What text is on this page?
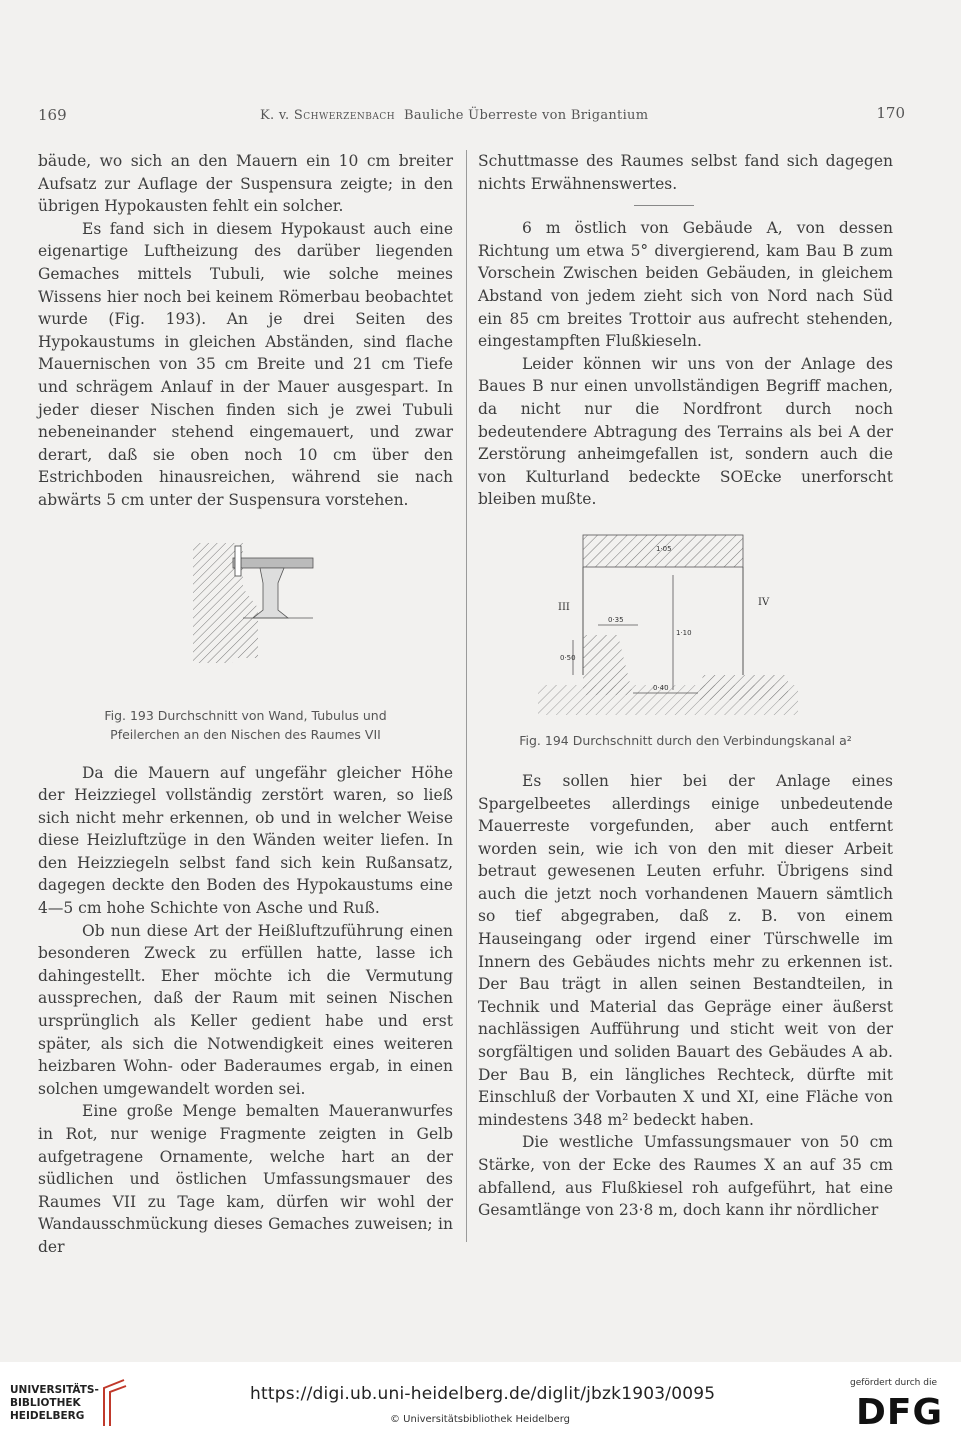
169	K. v. Schwerzenbach Bauliche Überreste von Brigantium	170

bäude, wo sich an den Mauern ein 10 cm breiter Aufsatz zur Auflage der Suspensura zeigte; in den übrigen Hypokausten fehlt ein solcher.

Es fand sich in diesem Hypokaust auch eine eigenartige Luftheizung des darüber liegenden Gemaches mittels Tubuli, wie solche meines Wissens hier noch bei keinem Römerbau beobachtet wurde (Fig. 193). An je drei Seiten des Hypokaustums in gleichen Abständen, sind flache Mauernischen von 35 cm Breite und 21 cm Tiefe und schrägem Anlauf in der Mauer ausgespart. In jeder dieser Nischen finden sich je zwei Tubuli nebeneinander stehend eingemauert, und zwar derart, daß sie oben noch 10 cm über den Estrichboden hinausreichen, während sie nach abwärts 5 cm unter der Suspensura vorstehen.

Fig. 193 Durchschnitt von Wand, Tubulus und
Pfeilerchen an den Nischen des Raumes VII

Da die Mauern auf ungefähr gleicher Höhe der Heizziegel vollständig zerstört waren, so ließ sich nicht mehr erkennen, ob und in welcher Weise diese Heizluftzüge in den Wänden weiter liefen. In den Heizziegeln selbst fand sich kein Rußansatz, dagegen deckte den Boden des Hypokaustums eine 4—5 cm hohe Schichte von Asche und Ruß.

Ob nun diese Art der Heißluftzuführung einen besonderen Zweck zu erfüllen hatte, lasse ich dahingestellt. Eher möchte ich die Vermutung aussprechen, daß der Raum mit seinen Nischen ursprünglich als Keller gedient habe und erst später, als sich die Notwendigkeit eines weiteren heizbaren Wohn- oder Baderaumes ergab, in einen solchen umgewandelt worden sei.

Eine große Menge bemalten Maueranwurfes in Rot, nur wenige Fragmente zeigten in Gelb aufgetragene Ornamente, welche hart an der südlichen und östlichen Umfassungsmauer des Raumes VII zu Tage kam, dürfen wir wohl der Wandausschmückung dieses Gemaches zuweisen; in der

Schuttmasse des Raumes selbst fand sich dagegen nichts Erwähnenswertes.

6 m östlich von Gebäude A, von dessen Richtung um etwa 5° divergierend, kam Bau B zum Vorschein Zwischen beiden Gebäuden, in gleichem Abstand von jedem zieht sich von Nord nach Süd ein 85 cm breites Trottoir aus aufrecht stehenden, eingestampften Flußkieseln.

Leider können wir uns von der Anlage des Baues B nur einen unvollständigen Begriff machen, da nicht nur die Nordfront durch noch bedeutendere Abtragung des Terrains als bei A der Zerstörung anheimgefallen ist, sondern auch die von Kulturland bedeckte SOEcke unerforscht bleiben mußte.

III	IV
1·05
0·35
1·10
0·50
0·40
Fig. 194 Durchschnitt durch den Verbindungskanal a²

Es sollen hier bei der Anlage eines Spargelbeetes allerdings einige unbedeutende Mauerreste vorgefunden, aber auch entfernt worden sein, wie ich von den mit dieser Arbeit betraut gewesenen Leuten erfuhr. Übrigens sind auch die jetzt noch vorhandenen Mauern sämtlich so tief abgegraben, daß z. B. von einem Hauseingang oder irgend einer Türschwelle im Innern des Gebäudes nichts mehr zu erkennen ist. Der Bau trägt in allen seinen Bestandteilen, in Technik und Material das Gepräge einer äußerst nachlässigen Aufführung und sticht weit von der sorgfältigen und soliden Bauart des Gebäudes A ab. Der Bau B, ein längliches Rechteck, dürfte mit Einschluß der Vorbauten X und XI, eine Fläche von mindestens 348 m² bedeckt haben.

Die westliche Umfassungsmauer von 50 cm Stärke, von der Ecke des Raumes X an auf 35 cm abfallend, aus Flußkiesel roh aufgeführt, hat eine Gesamtlänge von 23·8 m, doch kann ihr nördlicher

UNIVERSITÄTS-
BIBLIOTHEK
HEIDELBERG
https://digi.ub.uni-heidelberg.de/diglit/jbzk1903/0095
© Universitätsbibliothek Heidelberg
gefördert durch die
DFG
